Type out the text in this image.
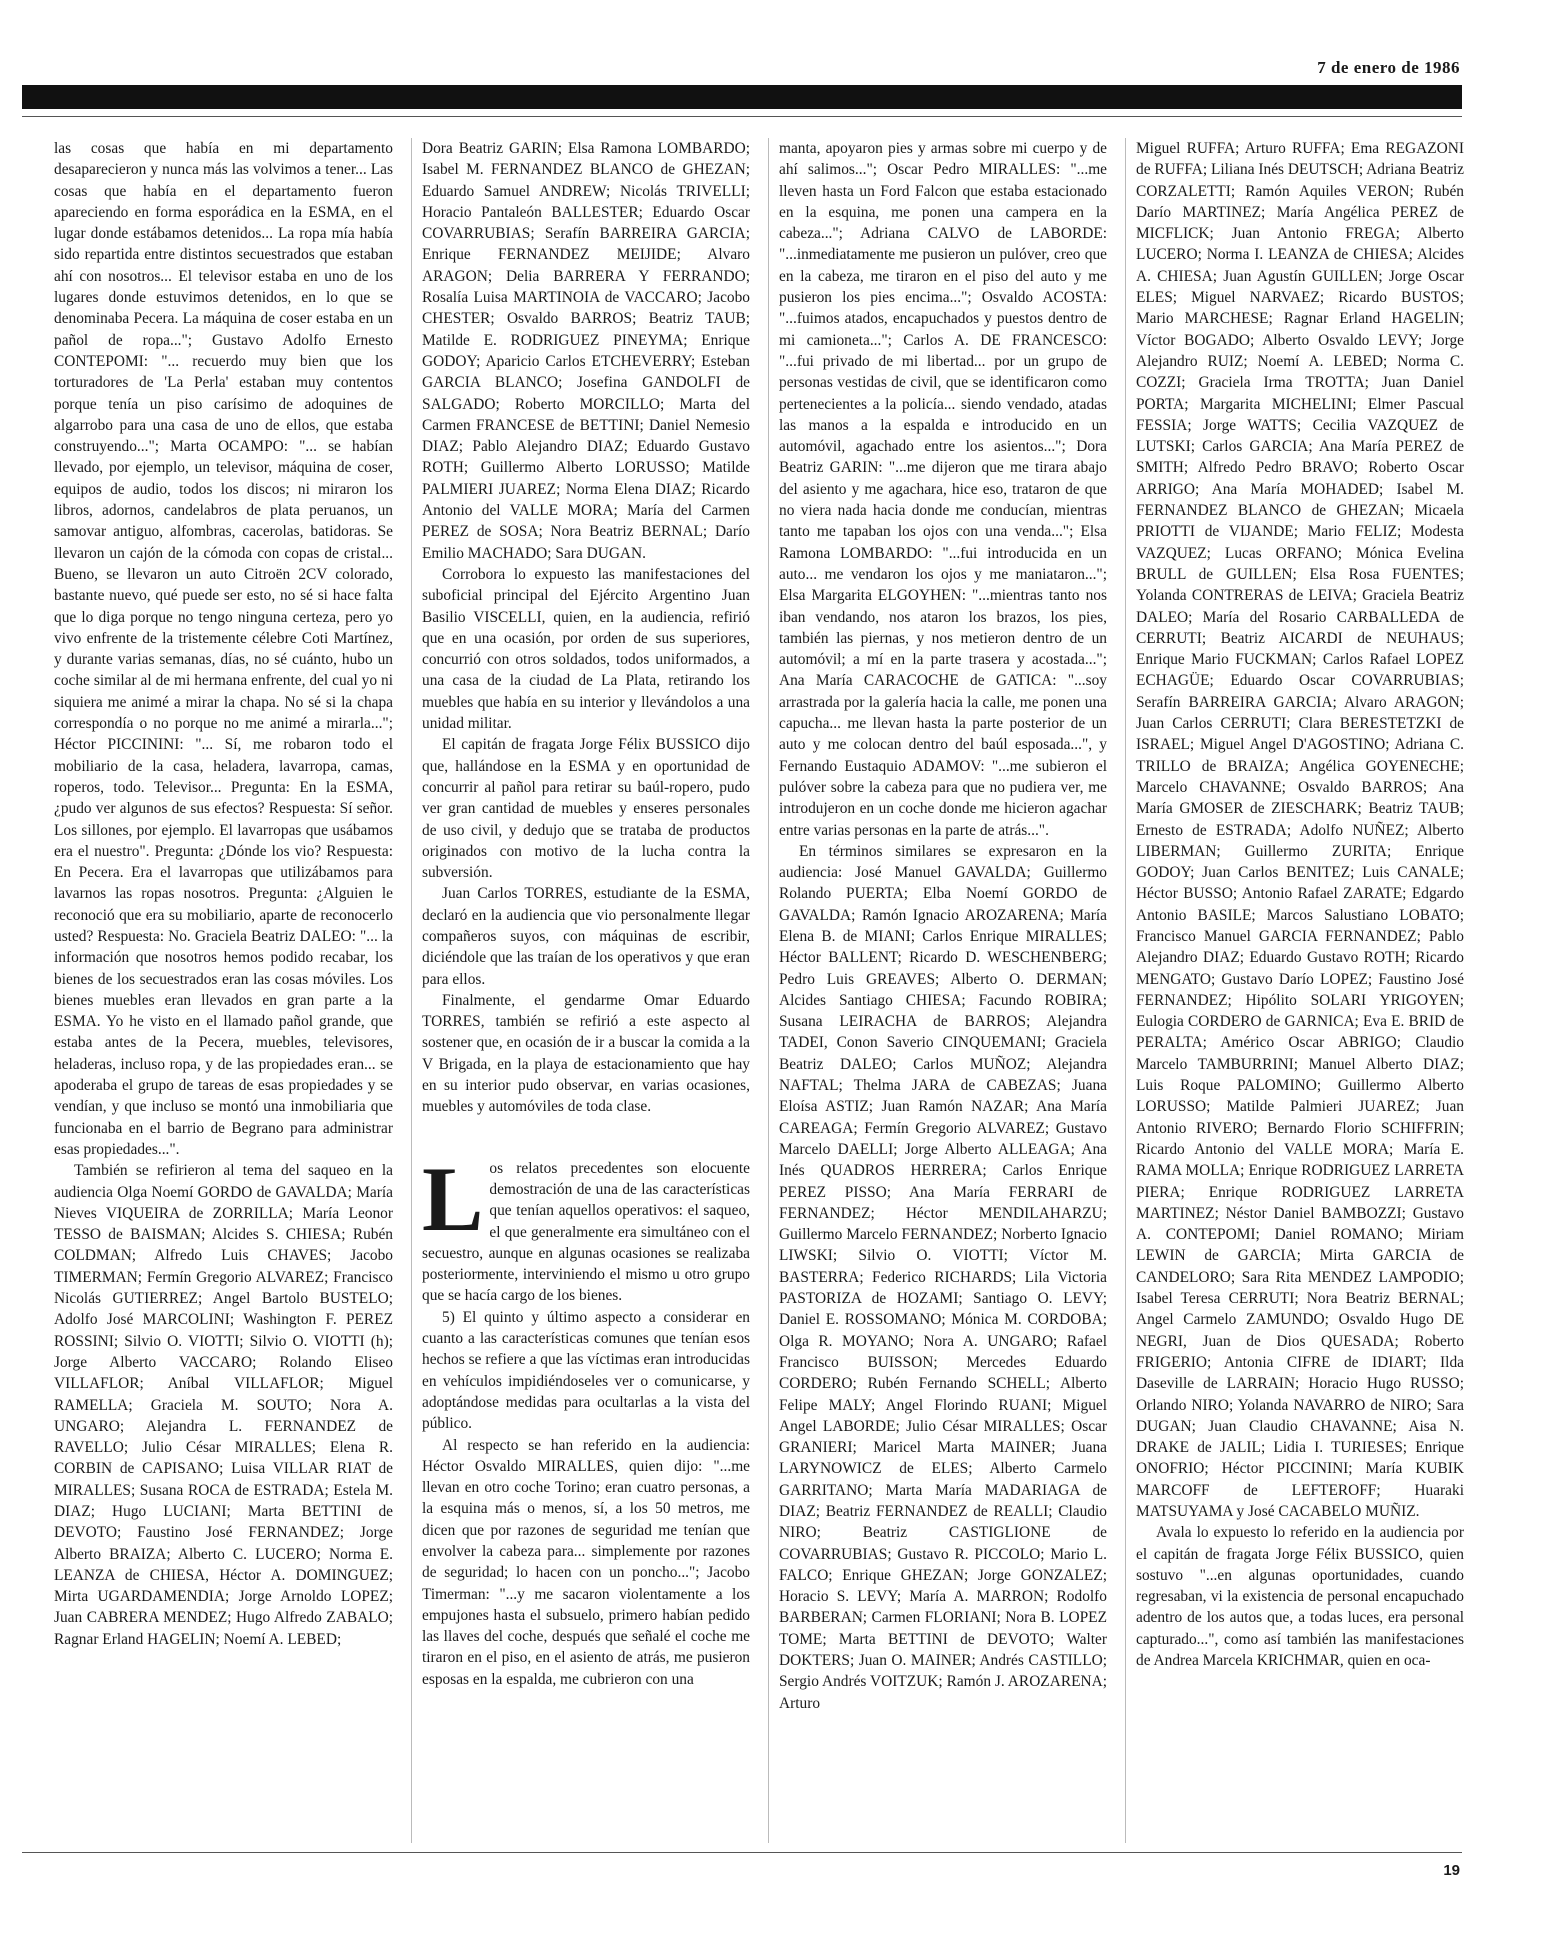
7 de enero de 1986

las cosas que había en mi departamento desaparecieron y nunca más las volvimos a tener... Las cosas que había en el departamento fueron apareciendo en forma esporádica en la ESMA, en el lugar donde estábamos detenidos... La ropa mía había sido repartida entre distintos secuestrados que estaban ahí con nosotros... El televisor estaba en uno de los lugares donde estuvimos detenidos, en lo que se denominaba Pecera. La máquina de coser estaba en un pañol de ropa..."; Gustavo Adolfo Ernesto CONTEPOMI: "... recuerdo muy bien que los torturadores de 'La Perla' estaban muy contentos porque tenía un piso carísimo de adoquines de algarrobo para una casa de uno de ellos, que estaba construyendo..."; Marta OCAMPO: "... se habían llevado, por ejemplo, un televisor, máquina de coser, equipos de audio, todos los discos; ni miraron los libros, adornos, candelabros de plata peruanos, un samovar antiguo, alfombras, cacerolas, batidoras. Se llevaron un cajón de la cómoda con copas de cristal... Bueno, se llevaron un auto Citroën 2CV colorado, bastante nuevo, qué puede ser esto, no sé si hace falta que lo diga porque no tengo ninguna certeza, pero yo vivo enfrente de la tristemente célebre Coti Martínez, y durante varias semanas, días, no sé cuánto, hubo un coche similar al de mi hermana enfrente, del cual yo ni siquiera me animé a mirar la chapa. No sé si la chapa correspondía o no porque no me animé a mirarla..."; Héctor PICCININI: "... Sí, me robaron todo el mobiliario de la casa, heladera, lavarropa, camas, roperos, todo. Televisor... Pregunta: En la ESMA, ¿pudo ver algunos de sus efectos? Respuesta: Sí señor. Los sillones, por ejemplo. El lavarropas que usábamos era el nuestro". Pregunta: ¿Dónde los vio? Respuesta: En Pecera. Era el lavarropas que utilizábamos para lavarnos las ropas nosotros. Pregunta: ¿Alguien le reconoció que era su mobiliario, aparte de reconocerlo usted? Respuesta: No. Graciela Beatriz DALEO: "... la información que nosotros hemos podido recabar, los bienes de los secuestrados eran las cosas móviles. Los bienes muebles eran llevados en gran parte a la ESMA. Yo he visto en el llamado pañol grande, que estaba antes de la Pecera, muebles, televisores, heladeras, incluso ropa, y de las propiedades eran... se apoderaba el grupo de tareas de esas propiedades y se vendían, y que incluso se montó una inmobiliaria que funcionaba en el barrio de Begrano para administrar esas propiedades...".

También se refirieron al tema del saqueo en la audiencia Olga Noemí GORDO de GAVALDA; María Nieves VIQUEIRA de ZORRILLA; María Leonor TESSO de BAISMAN; Alcides S. CHIESA; Rubén COLDMAN; Alfredo Luis CHAVES; Jacobo TIMERMAN; Fermín Gregorio ALVAREZ; Francisco Nicolás GUTIERREZ; Angel Bartolo BUSTELO; Adolfo José MARCOLINI; Washington F. PEREZ ROSSINI; Silvio O. VIOTTI; Silvio O. VIOTTI (h); Jorge Alberto VACCARO; Rolando Eliseo VILLAFLOR; Aníbal VILLAFLOR; Miguel RAMELLA; Graciela M. SOUTO; Nora A. UNGARO; Alejandra L. FERNANDEZ de RAVELLO; Julio César MIRALLES; Elena R. CORBIN de CAPISANO; Luisa VILLAR RIAT de MIRALLES; Susana ROCA de ESTRADA; Estela M. DIAZ; Hugo LUCIANI; Marta BETTINI de DEVOTO; Faustino José FERNANDEZ; Jorge Alberto BRAIZA; Alberto C. LUCERO; Norma E. LEANZA de CHIESA, Héctor A. DOMINGUEZ; Mirta UGARDAMENDIA; Jorge Arnoldo LOPEZ; Juan CABRERA MENDEZ; Hugo Alfredo ZABALO; Ragnar Erland HAGELIN; Noemí A. LEBED;

Dora Beatriz GARIN; Elsa Ramona LOMBARDO; Isabel M. FERNANDEZ BLANCO de GHEZAN; Eduardo Samuel ANDREW; Nicolás TRIVELLI; Horacio Pantaleón BALLESTER; Eduardo Oscar COVARRUBIAS; Serafín BARREIRA GARCIA; Enrique FERNANDEZ MEIJIDE; Alvaro ARAGON; Delia BARRERA Y FERRANDO; Rosalía Luisa MARTINOIA de VACCARO; Jacobo CHESTER; Osvaldo BARROS; Beatriz TAUB; Matilde E. RODRIGUEZ PINEYMA; Enrique GODOY; Aparicio Carlos ETCHEVERRY; Esteban GARCIA BLANCO; Josefina GANDOLFI de SALGADO; Roberto MORCILLO; Marta del Carmen FRANCESE de BETTINI; Daniel Nemesio DIAZ; Pablo Alejandro DIAZ; Eduardo Gustavo ROTH; Guillermo Alberto LORUSSO; Matilde PALMIERI JUAREZ; Norma Elena DIAZ; Ricardo Antonio del VALLE MORA; María del Carmen PEREZ de SOSA; Nora Beatriz BERNAL; Darío Emilio MACHADO; Sara DUGAN.

Corrobora lo expuesto las manifestaciones del suboficial principal del Ejército Argentino Juan Basilio VISCELLI, quien, en la audiencia, refirió que en una ocasión, por orden de sus superiores, concurrió con otros soldados, todos uniformados, a una casa de la ciudad de La Plata, retirando los muebles que había en su interior y llevándolos a una unidad militar.

El capitán de fragata Jorge Félix BUSSICO dijo que, hallándose en la ESMA y en oportunidad de concurrir al pañol para retirar su baúl-ropero, pudo ver gran cantidad de muebles y enseres personales de uso civil, y dedujo que se trataba de productos originados con motivo de la lucha contra la subversión.

Juan Carlos TORRES, estudiante de la ESMA, declaró en la audiencia que vio personalmente llegar compañeros suyos, con máquinas de escribir, diciéndole que las traían de los operativos y que eran para ellos.

Finalmente, el gendarme Omar Eduardo TORRES, también se refirió a este aspecto al sostener que, en ocasión de ir a buscar la comida a la V Brigada, en la playa de estacionamiento que hay en su interior pudo observar, en varias ocasiones, muebles y automóviles de toda clase.

Los relatos precedentes son elocuente demostración de una de las características que tenían aquellos operativos: el saqueo, el que generalmente era simultáneo con el secuestro, aunque en algunas ocasiones se realizaba posteriormente, interviniendo el mismo u otro grupo que se hacía cargo de los bienes.

5) El quinto y último aspecto a considerar en cuanto a las características comunes que tenían esos hechos se refiere a que las víctimas eran introducidas en vehículos impidiéndoseles ver o comunicarse, y adoptándose medidas para ocultarlas a la vista del público.

Al respecto se han referido en la audiencia: Héctor Osvaldo MIRALLES, quien dijo: "...me llevan en otro coche Torino; eran cuatro personas, a la esquina más o menos, sí, a los 50 metros, me dicen que por razones de seguridad me tenían que envolver la cabeza para... simplemente por razones de seguridad; lo hacen con un poncho..."; Jacobo Timerman: "...y me sacaron violentamente a los empujones hasta el subsuelo, primero habían pedido las llaves del coche, después que señalé el coche me tiraron en el piso, en el asiento de atrás, me pusieron esposas en la espalda, me cubrieron con una

manta, apoyaron pies y armas sobre mi cuerpo y de ahí salimos..."; Oscar Pedro MIRALLES: "...me lleven hasta un Ford Falcon que estaba estacionado en la esquina, me ponen una campera en la cabeza..."; Adriana CALVO de LABORDE: "...inmediatamente me pusieron un pulóver, creo que en la cabeza, me tiraron en el piso del auto y me pusieron los pies encima..."; Osvaldo ACOSTA: "...fuimos atados, encapuchados y puestos dentro de mi camioneta..."; Carlos A. DE FRANCESCO: "...fui privado de mi libertad... por un grupo de personas vestidas de civil, que se identificaron como pertenecientes a la policía... siendo vendado, atadas las manos a la espalda e introducido en un automóvil, agachado entre los asientos..."; Dora Beatriz GARIN: "...me dijeron que me tirara abajo del asiento y me agachara, hice eso, trataron de que no viera nada hacia donde me conducían, mientras tanto me tapaban los ojos con una venda..."; Elsa Ramona LOMBARDO: "...fui introducida en un auto... me vendaron los ojos y me maniataron..."; Elsa Margarita ELGOYHEN: "...mientras tanto nos iban vendando, nos ataron los brazos, los pies, también las piernas, y nos metieron dentro de un automóvil; a mí en la parte trasera y acostada..."; Ana María CARACOCHE de GATICA: "...soy arrastrada por la galería hacia la calle, me ponen una capucha... me llevan hasta la parte posterior de un auto y me colocan dentro del baúl esposada...", y Fernando Eustaquio ADAMOV: "...me subieron el pulóver sobre la cabeza para que no pudiera ver, me introdujeron en un coche donde me hicieron agachar entre varias personas en la parte de atrás...".

En términos similares se expresaron en la audiencia: José Manuel GAVALDA; Guillermo Rolando PUERTA; Elba Noemí GORDO de GAVALDA; Ramón Ignacio AROZARENA; María Elena B. de MIANI; Carlos Enrique MIRALLES; Héctor BALLENT; Ricardo D. WESCHENBERG; Pedro Luis GREAVES; Alberto O. DERMAN; Alcides Santiago CHIESA; Facundo ROBIRA; Susana LEIRACHA de BARROS; Alejandra TADEI, Conon Saverio CINQUEMANI; Graciela Beatriz DALEO; Carlos MUÑOZ; Alejandra NAFTAL; Thelma JARA de CABEZAS; Juana Eloísa ASTIZ; Juan Ramón NAZAR; Ana María CAREAGA; Fermín Gregorio ALVAREZ; Gustavo Marcelo DAELLI; Jorge Alberto ALLEAGA; Ana Inés QUADROS HERRERA; Carlos Enrique PEREZ PISSO; Ana María FERRARI de FERNANDEZ; Héctor MENDILAHARZU; Guillermo Marcelo FERNANDEZ; Norberto Ignacio LIWSKI; Silvio O. VIOTTI; Víctor M. BASTERRA; Federico RICHARDS; Lila Victoria PASTORIZA de HOZAMI; Santiago O. LEVY; Daniel E. ROSSOMANO; Mónica M. CORDOBA; Olga R. MOYANO; Nora A. UNGARO; Rafael Francisco BUISSON; Mercedes Eduardo CORDERO; Rubén Fernando SCHELL; Alberto Felipe MALY; Angel Florindo RUANI; Miguel Angel LABORDE; Julio César MIRALLES; Oscar GRANIERI; Maricel Marta MAINER; Juana LARYNOWICZ de ELES; Alberto Carmelo GARRITANO; Marta María MADARIAGA de DIAZ; Beatriz FERNANDEZ de REALLI; Claudio NIRO; Beatriz CASTIGLIONE de COVARRUBIAS; Gustavo R. PICCOLO; Mario L. FALCO; Enrique GHEZAN; Jorge GONZALEZ; Horacio S. LEVY; María A. MARRON; Rodolfo BARBERAN; Carmen FLORIANI; Nora B. LOPEZ TOME; Marta BETTINI de DEVOTO; Walter DOKTERS; Juan O. MAINER; Andrés CASTILLO; Sergio Andrés VOITZUK; Ramón J. AROZARENA; Arturo

Miguel RUFFA; Arturo RUFFA; Ema REGAZONI de RUFFA; Liliana Inés DEUTSCH; Adriana Beatriz CORZALETTI; Ramón Aquiles VERON; Rubén Darío MARTINEZ; María Angélica PEREZ de MICFLICK; Juan Antonio FREGA; Alberto LUCERO; Norma I. LEANZA de CHIESA; Alcides A. CHIESA; Juan Agustín GUILLEN; Jorge Oscar ELES; Miguel NARVAEZ; Ricardo BUSTOS; Mario MARCHESE; Ragnar Erland HAGELIN; Víctor BOGADO; Alberto Osvaldo LEVY; Jorge Alejandro RUIZ; Noemí A. LEBED; Norma C. COZZI; Graciela Irma TROTTA; Juan Daniel PORTA; Margarita MICHELINI; Elmer Pascual FESSIA; Jorge WATTS; Cecilia VAZQUEZ de LUTSKI; Carlos GARCIA; Ana María PEREZ de SMITH; Alfredo Pedro BRAVO; Roberto Oscar ARRIGO; Ana María MOHADED; Isabel M. FERNANDEZ BLANCO de GHEZAN; Micaela PRIOTTI de VIJANDE; Mario FELIZ; Modesta VAZQUEZ; Lucas ORFANO; Mónica Evelina BRULL de GUILLEN; Elsa Rosa FUENTES; Yolanda CONTRERAS de LEIVA; Graciela Beatriz DALEO; María del Rosario CARBALLEDA de CERRUTI; Beatriz AICARDI de NEUHAUS; Enrique Mario FUCKMAN; Carlos Rafael LOPEZ ECHAGÜE; Eduardo Oscar COVARRUBIAS; Serafín BARREIRA GARCIA; Alvaro ARAGON; Juan Carlos CERRUTI; Clara BERESTETZKI de ISRAEL; Miguel Angel D'AGOSTINO; Adriana C. TRILLO de BRAIZA; Angélica GOYENECHE; Marcelo CHAVANNE; Osvaldo BARROS; Ana María GMOSER de ZIESCHARK; Beatriz TAUB; Ernesto de ESTRADA; Adolfo NUÑEZ; Alberto LIBERMAN; Guillermo ZURITA; Enrique GODOY; Juan Carlos BENITEZ; Luis CANALE; Héctor BUSSO; Antonio Rafael ZARATE; Edgardo Antonio BASILE; Marcos Salustiano LOBATO; Francisco Manuel GARCIA FERNANDEZ; Pablo Alejandro DIAZ; Eduardo Gustavo ROTH; Ricardo MENGATO; Gustavo Darío LOPEZ; Faustino José FERNANDEZ; Hipólito SOLARI YRIGOYEN; Eulogia CORDERO de GARNICA; Eva E. BRID de PERALTA; Américo Oscar ABRIGO; Claudio Marcelo TAMBURRINI; Manuel Alberto DIAZ; Luis Roque PALOMINO; Guillermo Alberto LORUSSO; Matilde Palmieri JUAREZ; Juan Antonio RIVERO; Bernardo Florio SCHIFFRIN; Ricardo Antonio del VALLE MORA; María E. RAMA MOLLA; Enrique RODRIGUEZ LARRETA PIERA; Enrique RODRIGUEZ LARRETA MARTINEZ; Néstor Daniel BAMBOZZI; Gustavo A. CONTEPOMI; Daniel ROMANO; Miriam LEWIN de GARCIA; Mirta GARCIA de CANDELORO; Sara Rita MENDEZ LAMPODIO; Isabel Teresa CERRUTI; Nora Beatriz BERNAL; Angel Carmelo ZAMUNDO; Osvaldo Hugo DE NEGRI, Juan de Dios QUESADA; Roberto FRIGERIO; Antonia CIFRE de IDIART; Ilda Daseville de LARRAIN; Horacio Hugo RUSSO; Orlando NIRO; Yolanda NAVARRO de NIRO; Sara DUGAN; Juan Claudio CHAVANNE; Aisa N. DRAKE de JALIL; Lidia I. TURIESES; Enrique ONOFRIO; Héctor PICCININI; María KUBIK MARCOFF de LEFTEROFF; Huaraki MATSUYAMA y José CACABELO MUÑIZ.

Avala lo expuesto lo referido en la audiencia por el capitán de fragata Jorge Félix BUSSICO, quien sostuvo "...en algunas oportunidades, cuando regresaban, vi la existencia de personal encapuchado adentro de los autos que, a todas luces, era personal capturado...", como así también las manifestaciones de Andrea Marcela KRICHMAR, quien en oca-

19
